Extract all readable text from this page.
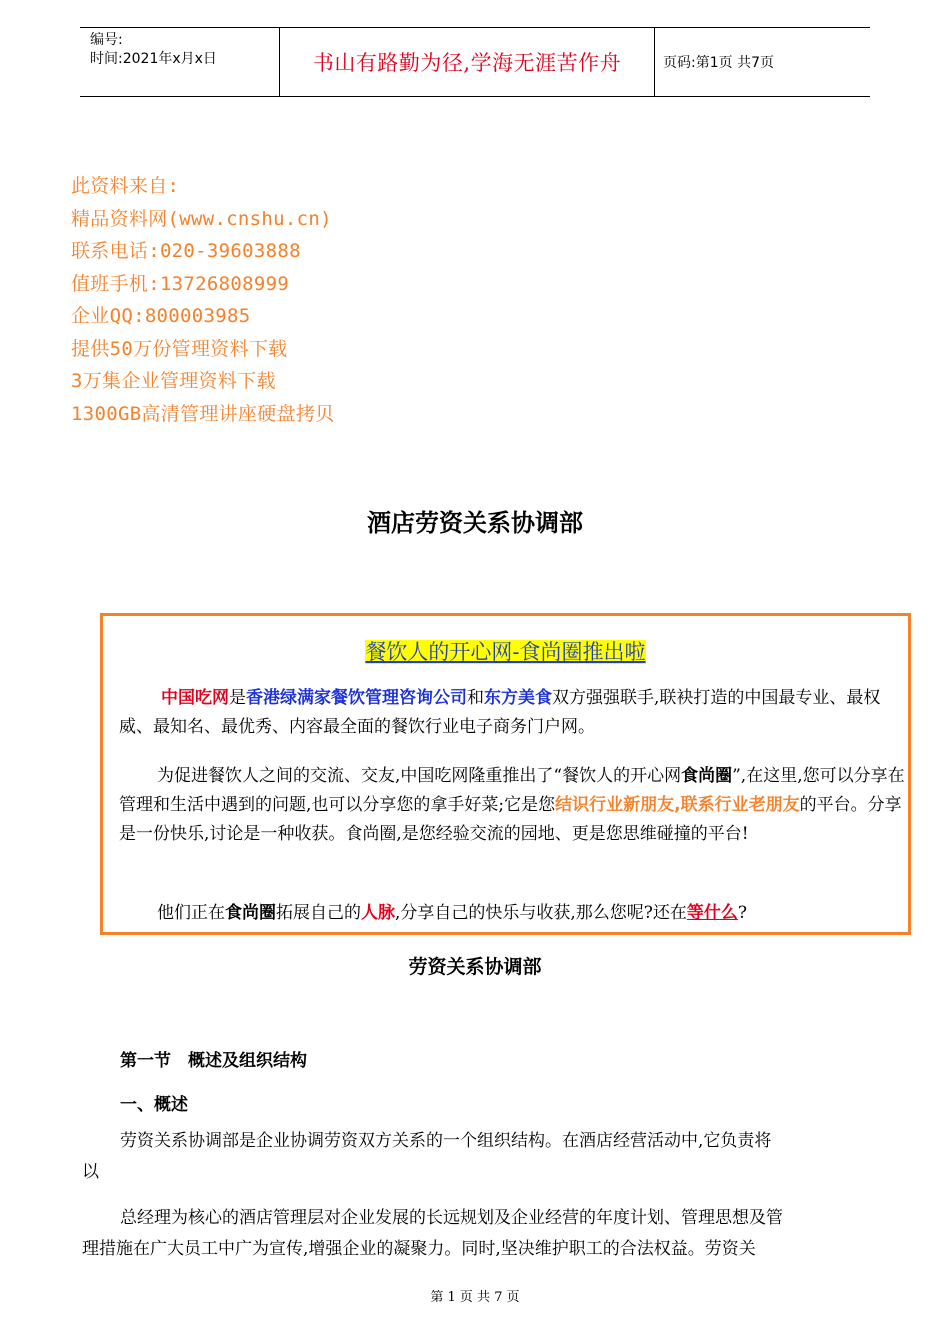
编号:
时间:2021年x月x日	书山有路勤为径,学海无涯苦作舟	页码:第1页 共7页
此资料来自:
精品资料网(www.cnshu.cn)
联系电话:020-39603888
值班手机:13726808999
企业QQ:800003985
提供50万份管理资料下载
3万集企业管理资料下载
1300GB高清管理讲座硬盘拷贝
酒店劳资关系协调部
餐饮人的开心网-食尚圈推出啦

中国吃网是香港绿满家餐饮管理咨询公司和东方美食双方强强联手,联袂打造的中国最专业、最权威、最知名、最优秀、内容最全面的餐饮行业电子商务门户网。

为促进餐饮人之间的交流、交友,中国吃网隆重推出了“餐饮人的开心网食尚圈”,在这里,您可以分享在管理和生活中遇到的问题,也可以分享您的拿手好菜;它是您结识行业新朋友,联系行业老朋友的平台。分享是一份快乐,讨论是一种收获。食尚圈,是您经验交流的园地、更是您思维碰撞的平台!

他们正在食尚圈拓展自己的人脉,分享自己的快乐与收获,那么您呢?还在等什么?

劳资关系协调部
第一节　概述及组织结构
一、概述
劳资关系协调部是企业协调劳资双方关系的一个组织结构。在酒店经营活动中,它负责将
以
总经理为核心的酒店管理层对企业发展的长远规划及企业经营的年度计划、管理思想及管
理措施在广大员工中广为宣传,增强企业的凝聚力。同时,坚决维护职工的合法权益。劳资关
第 1 页 共 7 页
